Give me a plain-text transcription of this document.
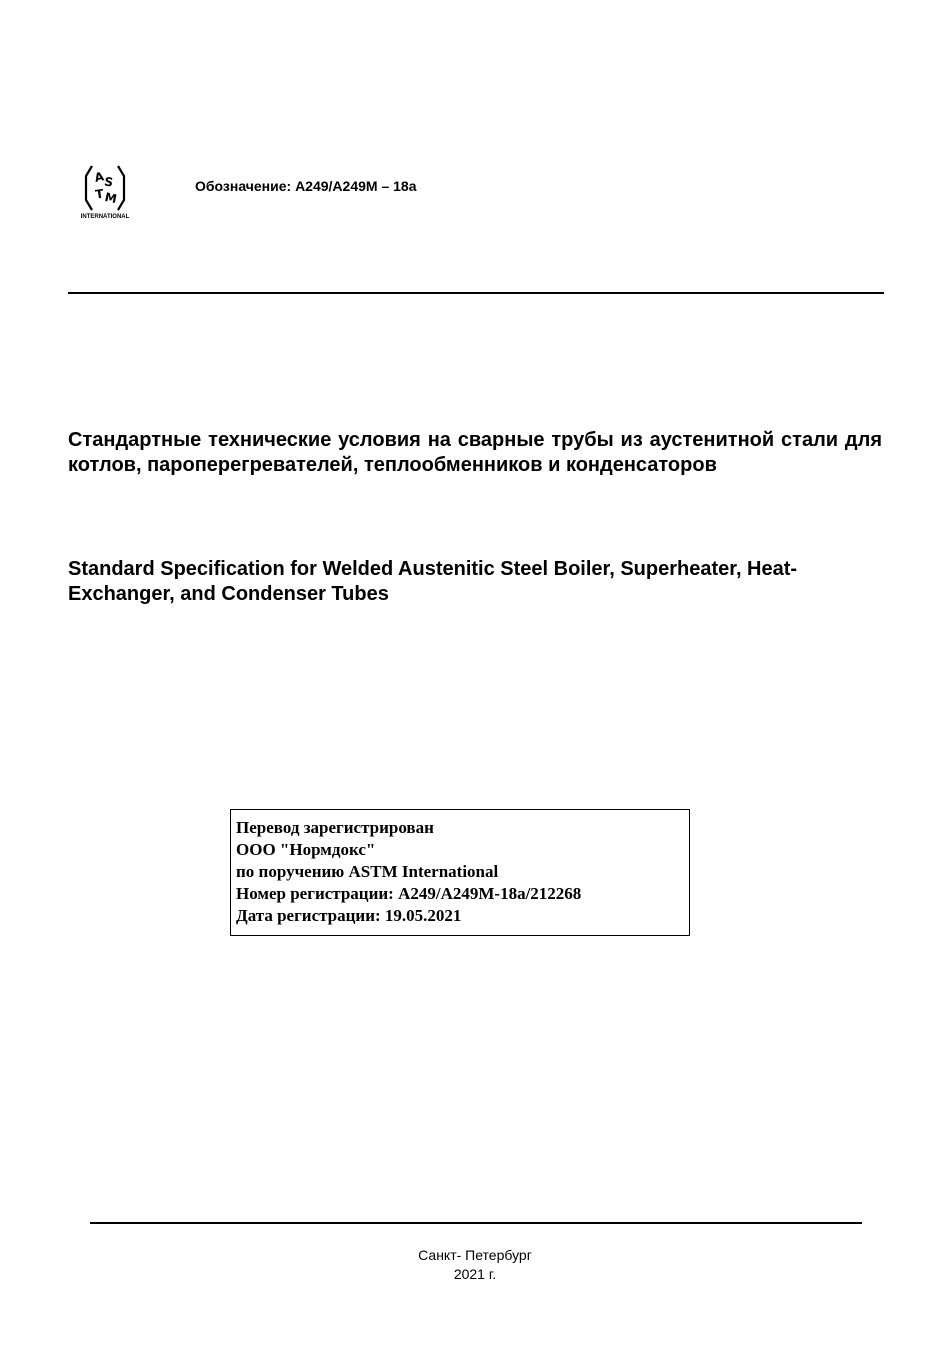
A
S
T M
INTERNATIONAL
Обозначение: A249/A249M – 18a

Стандартные технические условия на сварные трубы из аустенитной стали для котлов, пароперегревателей, теплообменников и конденсаторов

Standard Specification for Welded Austenitic Steel Boiler, Superheater, Heat-Exchanger, and Condenser Tubes

Перевод зарегистрирован
ООО "Нормдокс"
по поручению ASTM International
Номер регистрации: A249/A249M-18a/212268
Дата регистрации: 19.05.2021
Санкт- Петербург
2021 г.
